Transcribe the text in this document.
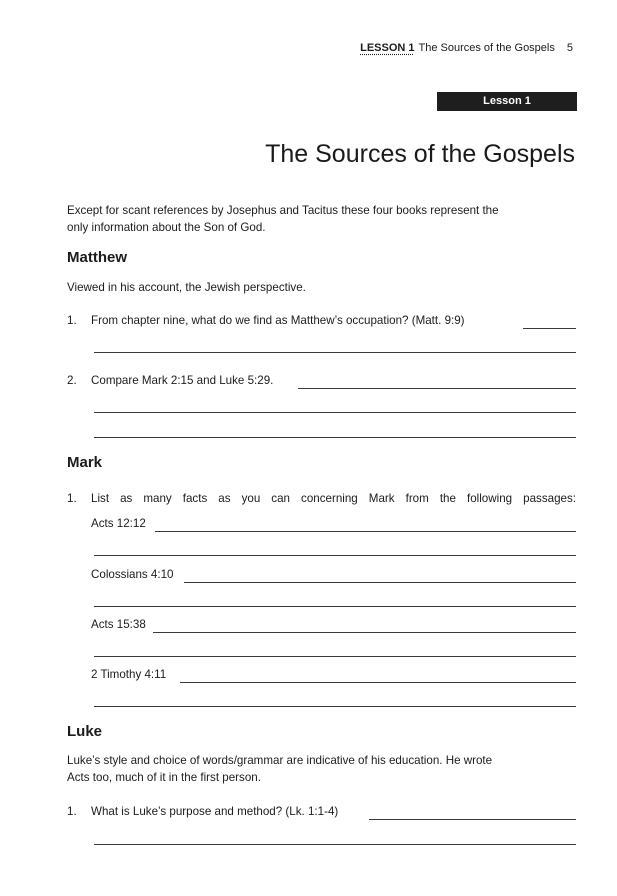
LESSON 1 The Sources of the Gospels 5
Lesson 1
The Sources of the Gospels
Except for scant references by Josephus and Tacitus these four books represent the
only information about the Son of God.
Matthew
Viewed in his account, the Jewish perspective.
1. From chapter nine, what do we find as Matthew’s occupation? (Matt. 9:9)
2. Compare Mark 2:15 and Luke 5:29.
Mark
1. List as many facts as you can concerning Mark from the following passages:
Acts 12:12
Colossians 4:10
Acts 15:38
2 Timothy 4:11
Luke
Luke’s style and choice of words/grammar are indicative of his education. He wrote
Acts too, much of it in the first person.
1. What is Luke’s purpose and method? (Lk. 1:1-4)
